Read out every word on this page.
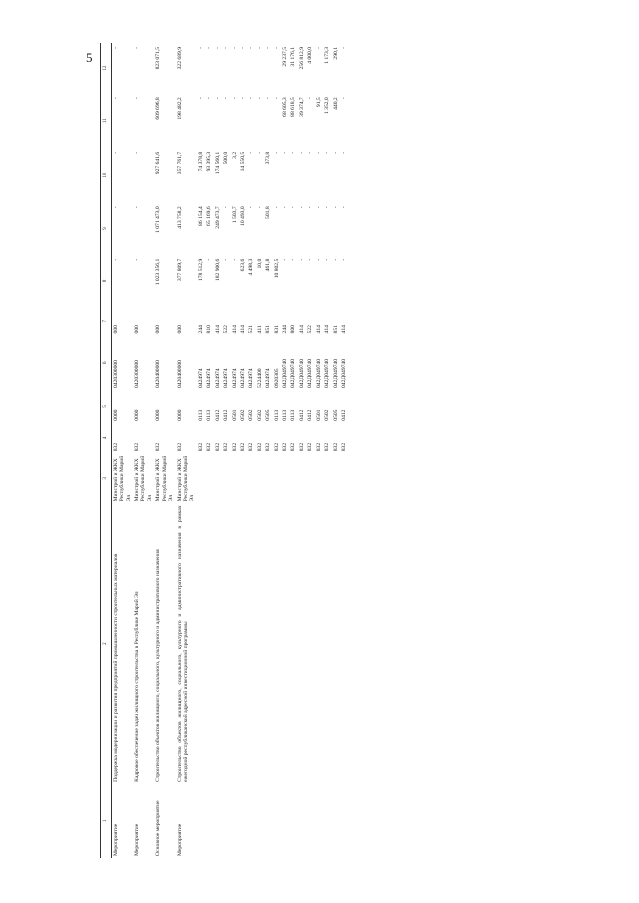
5
1	2	3	4	5	6	7	8	9	10	11	12
Мероприятие	Поддержка модернизации и развития предприятий промышленности строительных материалов	Минстрой и ЖКХ Республики Марий Эл	832	0000	0420300000	000	-	-	-	-	-
Мероприятие	Кадровое обеспечение задач жилищного строительства в Республике Марий Эл	Минстрой и ЖКХ Республики Марий Эл	832	0000	0420300000	000	-	-	-	-	-
Основное мероприятие	Строительство объектов жилищного, социального, культурного и административного назначения	Минстрой и ЖКХ Республики Марий Эл	832	0000	0420400000	000	1 023 356,1	1 071 473,0	927 641,6	609 696,8	823 071,5
Мероприятие	Строительство объектов жилищного, социального, культурного и административного назначения в рамках ежегодной республиканской адресной инвестиционной программы	Минстрой и ЖКХ Республики Марий Эл	832	0000	0420400000	000	377 809,7	413 758,2	357 761,7	198 482,2	322 689,9
			832	0113	0424974	244	178 512,9	86 154,4	74 378,8	-	-
			832	0113	0424974	810	-	65 169,6	93 395,3	-	-
			832	0412	0424974	414	182 900,6	249 473,7	174 560,1	-	-
			832	0412	0424974	522	-	-	500,0	-	-
			832	0501	0424974	414	-	1 503,7	3,2	-	-
			832	0502	0424974	414	623,6	10 493,0	14 550,5	-	-
			832	0502	0424974	521	4 498,3	-	-	-	-
			832	0502	5224400	411	10,0	-	-	-	-
			832	0505	0424974	851	461,8	501,8	373,8	-	-
			832	0113	0920305	831	10 802,5	-	-	-	-
			832	0113	042Д049740	244	-	-	-	68 605,3	29 237,5
			832	0113	042Д049740	800	-	-	-	88 618,5	31 176,1
			832	0412	042Д049740	414	-	-	-	39 374,7	256 812,9
			832	0412	042Д049740	522	-	-	-	-	4 000,0
			832	0501	042Д049740	414	-	-	-	91,5	-
			832	0502	042Д049740	414	-	-	-	1 352,0	1 173,3
			832	0505	042Д049740	851	-	-	-	440,2	290,1
			832	0412	042Д049740	414	-	-	-	-	-
